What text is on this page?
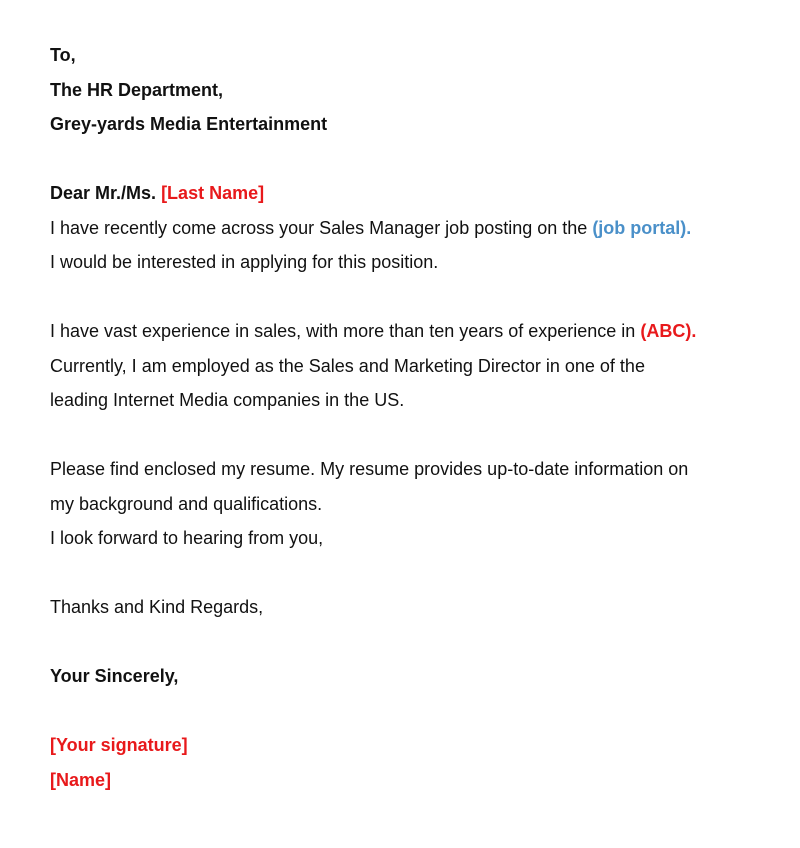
To,
The HR Department,
Grey-yards Media Entertainment
Dear Mr./Ms. [Last Name]
I have recently come across your Sales Manager job posting on the (job portal).
I would be interested in applying for this position.
I have vast experience in sales, with more than ten years of experience in (ABC).
Currently, I am employed as the Sales and Marketing Director in one of the
leading Internet Media companies in the US.
Please find enclosed my resume. My resume provides up-to-date information on
my background and qualifications.
I look forward to hearing from you,
Thanks and Kind Regards,
Your Sincerely,
[Your signature]
[Name]
